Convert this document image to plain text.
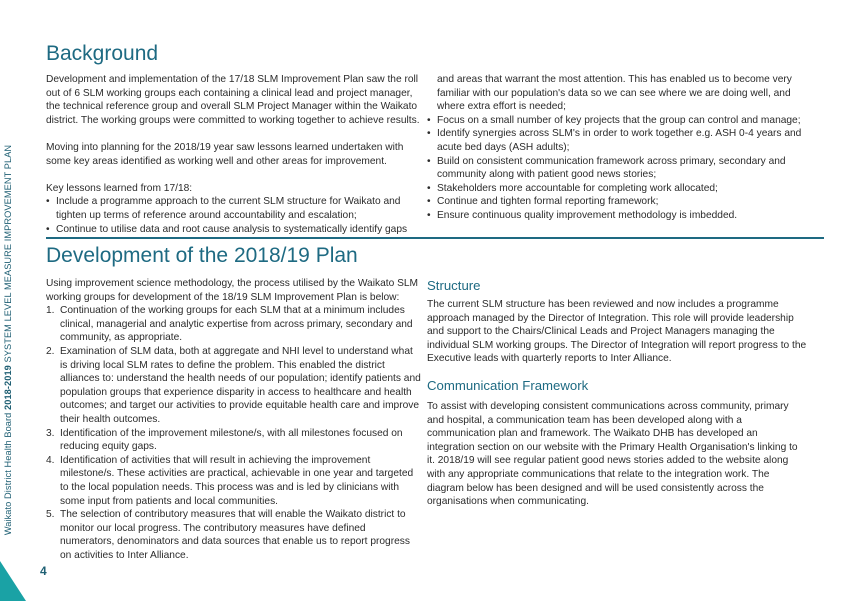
Waikato District Health Board 2018-2019 SYSTEM LEVEL MEASURE IMPROVEMENT PLAN
Background

Development and implementation of the 17/18 SLM Improvement Plan saw the roll out of 6 SLM working groups each containing a clinical lead and project manager, the technical reference group and overall SLM Project Manager within the Waikato district. The working groups were committed to working together to achieve results.

Moving into planning for the 2018/19 year saw lessons learned undertaken with some key areas identified as working well and other areas for improvement.

Key lessons learned from 17/18:

• Include a programme approach to the current SLM structure for Waikato and tighten up terms of reference around accountability and escalation;
• Continue to utilise data and root cause analysis to systematically identify gaps

and areas that warrant the most attention. This has enabled us to become very familiar with our population's data so we can see where we are doing well, and where extra effort is needed;

• Focus on a small number of key projects that the group can control and manage;
• Identify synergies across SLM's in order to work together e.g. ASH 0-4 years and acute bed days (ASH adults);
• Build on consistent communication framework across primary, secondary and community along with patient good news stories;
• Stakeholders more accountable for completing work allocated;
• Continue and tighten formal reporting framework;
• Ensure continuous quality improvement methodology is imbedded.
Development of the 2018/19 Plan

Using improvement science methodology, the process utilised by the Waikato SLM working groups for development of the 18/19 SLM Improvement Plan is below:

1. Continuation of the working groups for each SLM that at a minimum includes clinical, managerial and analytic expertise from across primary, secondary and community, as appropriate.
2. Examination of SLM data, both at aggregate and NHI level to understand what is driving local SLM rates to define the problem. This enabled the district alliances to: understand the health needs of our population; identify patients and population groups that experience disparity in access to healthcare and health outcomes; and target our activities to provide equitable health care and improve their health outcomes.
3. Identification of the improvement milestone/s, with all milestones focused on reducing equity gaps.
4. Identification of activities that will result in achieving the improvement milestone/s. These activities are practical, achievable in one year and targeted to the local population needs. This process was and is led by clinicians with some input from patients and local communities.
5. The selection of contributory measures that will enable the Waikato district to monitor our local progress. The contributory measures have defined numerators, denominators and data sources that enable us to report progress on activities to Inter Alliance.
Structure

The current SLM structure has been reviewed and now includes a programme approach managed by the Director of Integration. This role will provide leadership and support to the Chairs/Clinical Leads and Project Managers managing the individual SLM working groups. The Director of Integration will report progress to the Executive leads with quarterly reports to Inter Alliance.

Communication Framework

To assist with developing consistent communications across community, primary and hospital, a communication team has been developed along with a communication plan and framework. The Waikato DHB has developed an integration section on our website with the Primary Health Organisation's linking to it. 2018/19 will see regular patient good news stories added to the website along with any appropriate communications that relate to the integration work. The diagram below has been designed and will be used consistently across the organisations when communicating.

4
